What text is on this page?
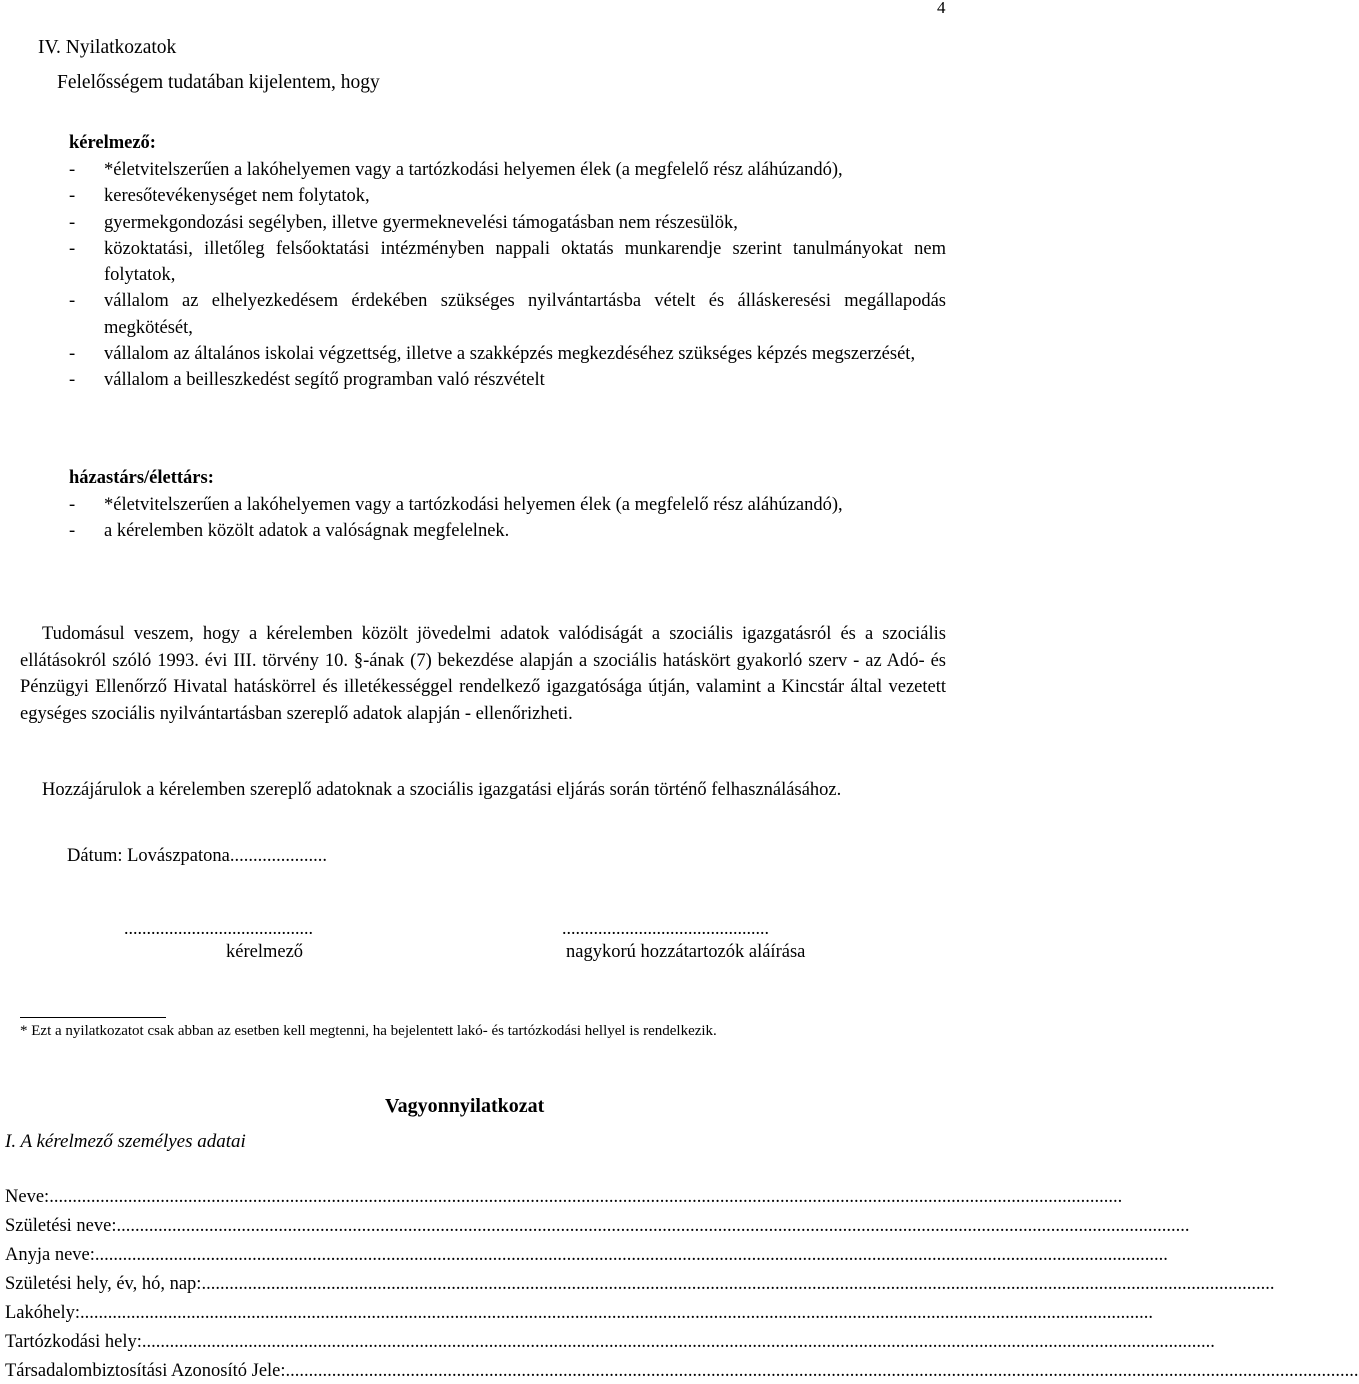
4
IV. Nyilatkozatok
Felelősségem tudatában kijelentem, hogy
kérelmező:
- *életvitelszerűen a lakóhelyemen vagy a tartózkodási helyemen élek (a megfelelő rész aláhúzandó),
- keresőtevékenységet nem folytatok,
- gyermekgondozási segélyben, illetve gyermeknevelési támogatásban nem részesülök,
- közoktatási, illetőleg felsőoktatási intézményben nappali oktatás munkarendje szerint tanulmányokat nem folytatok,
- vállalom az elhelyezkedésem érdekében szükséges nyilvántartásba vételt és álláskeresési megállapodás megkötését,
- vállalom az általános iskolai végzettség, illetve a szakképzés megkezdéséhez szükséges képzés megszerzését,
- vállalom a beilleszkedést segítő programban való részvételt
házastárs/élettárs:
- *életvitelszerűen a lakóhelyemen vagy a tartózkodási helyemen élek (a megfelelő rész aláhúzandó),
- a kérelemben közölt adatok a valóságnak megfelelnek.
Tudomásul veszem, hogy a kérelemben közölt jövedelmi adatok valódiságát a szociális igazgatásról és a szociális ellátásokról szóló 1993. évi III. törvény 10. §-ának (7) bekezdése alapján a szociális hatáskört gyakorló szerv - az Adó- és Pénzügyi Ellenőrző Hivatal hatáskörrel és illetékességgel rendelkező igazgatósága útján, valamint a Kincstár által vezetett egységes szociális nyilvántartásban szereplő adatok alapján - ellenőrizheti.
Hozzájárulok a kérelemben szereplő adatoknak a szociális igazgatási eljárás során történő felhasználásához.
Dátum: Lovászpatona.....................
..........................................
kérelmező
..............................................
nagykorú hozzátartozók aláírása
* Ezt a nyilatkozatot csak abban az esetben kell megtenni, ha bejelentett lakó- és tartózkodási hellyel is rendelkezik.
Vagyonnyilatkozat
I. A kérelmező személyes adatai
Neve: ........................................................................................................................................................................................................................................
Születési neve: ........................................................................................................................................................................................................................................
Anyja neve: ........................................................................................................................................................................................................................................
Születési hely, év, hó, nap: ........................................................................................................................................................................................................................................
Lakóhely: ........................................................................................................................................................................................................................................
Tartózkodási hely: ........................................................................................................................................................................................................................................
Társadalombiztosítási Azonosító Jele: ........................................................................................................................................................................................................................................
